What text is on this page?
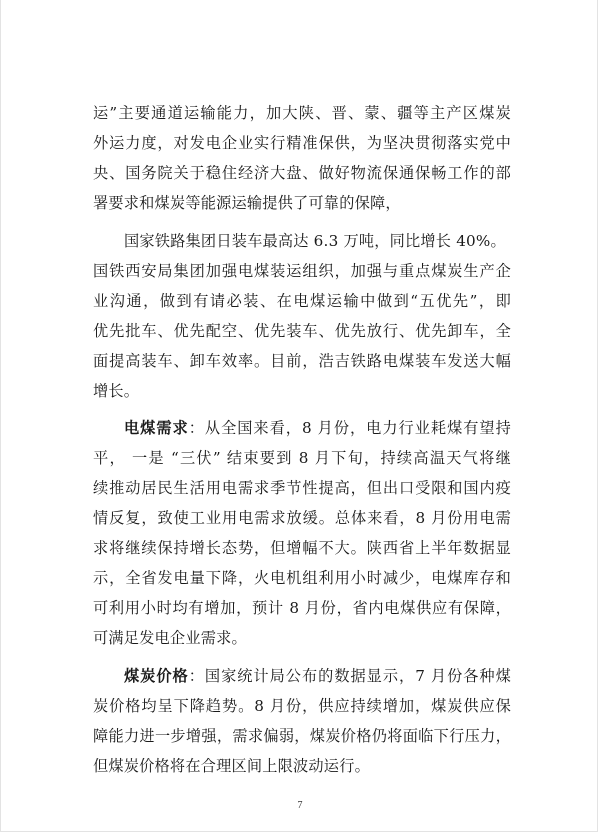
运”主要通道运输能力，加大陕、晋、蒙、疆等主产区煤炭
外运力度，对发电企业实行精准保供，为坚决贯彻落实党中
央、国务院关于稳住经济大盘、做好物流保通保畅工作的部
署要求和煤炭等能源运输提供了可靠的保障，
国家铁路集团日装车最高达 6.3 万吨，同比增长 40%。
国铁西安局集团加强电煤装运组织，加强与重点煤炭生产企
业沟通，做到有请必装、在电煤运输中做到“五优先”，即
优先批车、优先配空、优先装车、优先放行、优先卸车，全
面提高装车、卸车效率。目前，浩吉铁路电煤装车发送大幅
增长。
电煤需求：从全国来看，8 月份，电力行业耗煤有望持
平， 一是 “三伏” 结束要到 8 月下旬，持续高温天气将继
续推动居民生活用电需求季节性提高，但出口受限和国内疫
情反复，致使工业用电需求放缓。总体来看，8 月份用电需
求将继续保持增长态势，但增幅不大。陕西省上半年数据显
示，全省发电量下降，火电机组利用小时减少，电煤库存和
可利用小时均有增加，预计 8 月份，省内电煤供应有保障，
可满足发电企业需求。
煤炭价格：国家统计局公布的数据显示，7 月份各种煤
炭价格均呈下降趋势。8 月份，供应持续增加，煤炭供应保
障能力进一步增强，需求偏弱，煤炭价格仍将面临下行压力，
但煤炭价格将在合理区间上限波动运行。
7
